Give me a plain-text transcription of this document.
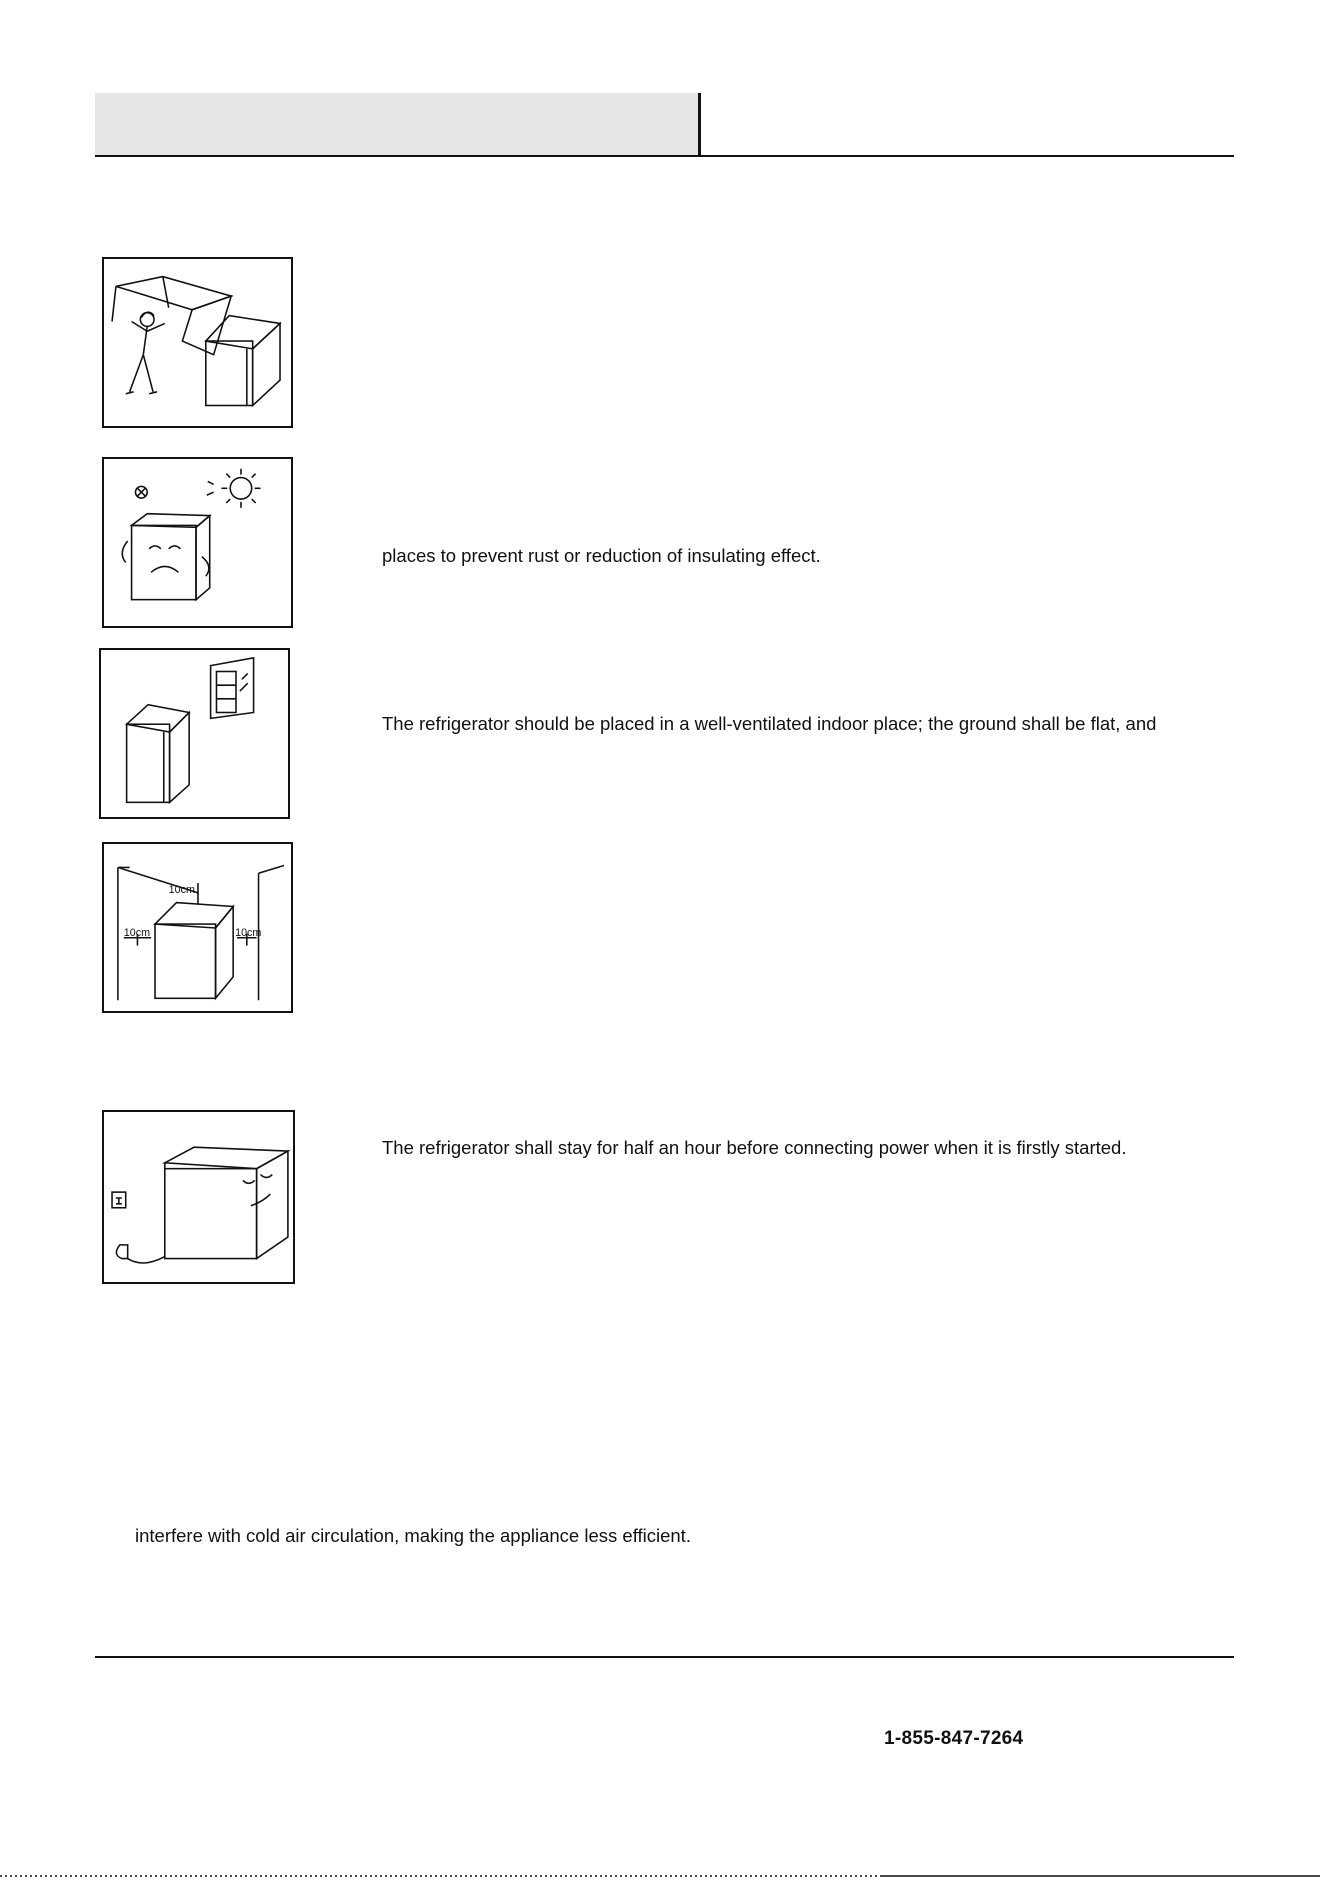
10cm
10cm	10cm
places to prevent rust or reduction of insulating effect.
The refrigerator should be placed in a well-ventilated indoor place; the ground shall be flat, and
The refrigerator shall stay for half an hour before connecting power when it is firstly started.
interfere with cold air circulation, making the appliance less efficient.
1-855-847-7264
